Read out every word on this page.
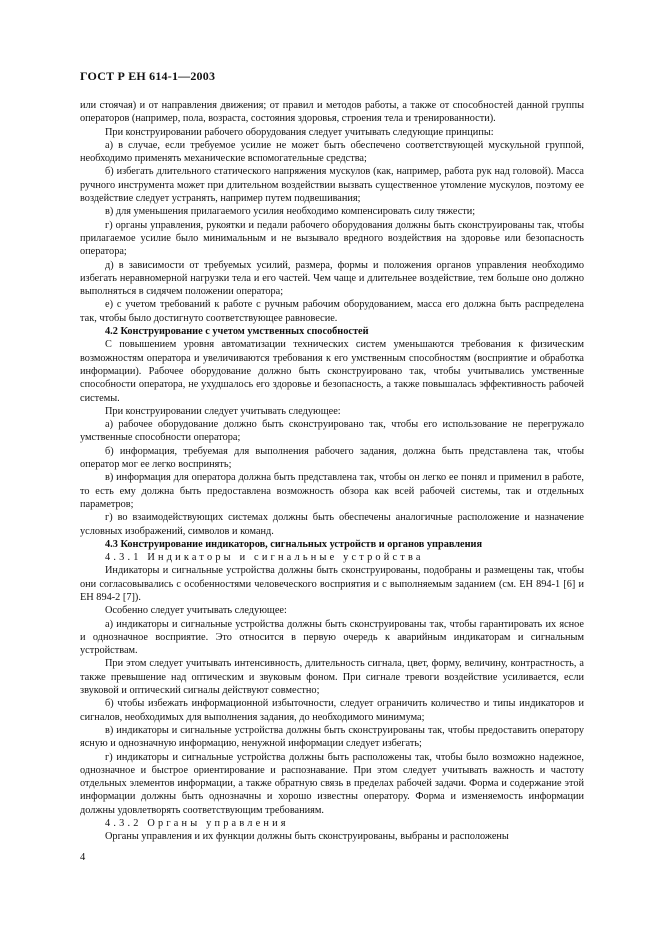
ГОСТ Р ЕН 614-1—2003

или стоячая) и от направления движения; от правил и методов работы, а также от способностей данной группы операторов (например, пола, возраста, состояния здоровья, строения тела и тренированности).

При конструировании рабочего оборудования следует учитывать следующие принципы:

а) в случае, если требуемое усилие не может быть обеспечено соответствующей мускульной группой, необходимо применять механические вспомогательные средства;

б) избегать длительного статического напряжения мускулов (как, например, работа рук над головой). Масса ручного инструмента может при длительном воздействии вызвать существенное утомление мускулов, поэтому ее воздействие следует устранять, например путем подвешивания;

в) для уменьшения прилагаемого усилия необходимо компенсировать силу тяжести;

г) органы управления, рукоятки и педали рабочего оборудования должны быть сконструированы так, чтобы прилагаемое усилие было минимальным и не вызывало вредного воздействия на здоровье или безопасность оператора;

д) в зависимости от требуемых усилий, размера, формы и положения органов управления необходимо избегать неравномерной нагрузки тела и его частей. Чем чаще и длительнее воздействие, тем больше оно должно выполняться в сидячем положении оператора;

е) с учетом требований к работе с ручным рабочим оборудованием, масса его должна быть распределена так, чтобы было достигнуто соответствующее равновесие.

4.2 Конструирование с учетом умственных способностей

С повышением уровня автоматизации технических систем уменьшаются требования к физическим возможностям оператора и увеличиваются требования к его умственным способностям (восприятие и обработка информации). Рабочее оборудование должно быть сконструировано так, чтобы учитывались умственные способности оператора, не ухудшалось его здоровье и безопасность, а также повышалась эффективность рабочей системы.

При конструировании следует учитывать следующее:

а) рабочее оборудование должно быть сконструировано так, чтобы его использование не перегружало умственные способности оператора;

б) информация, требуемая для выполнения рабочего задания, должна быть представлена так, чтобы оператор мог ее легко воспринять;

в) информация для оператора должна быть представлена так, чтобы он легко ее понял и применил в работе, то есть ему должна быть предоставлена возможность обзора как всей рабочей системы, так и отдельных параметров;

г) во взаимодействующих системах должны быть обеспечены аналогичные расположение и назначение условных изображений, символов и команд.

4.3 Конструирование индикаторов, сигнальных устройств и органов управления

4.3.1 Индикаторы и сигнальные устройства

Индикаторы и сигнальные устройства должны быть сконструированы, подобраны и размещены так, чтобы они согласовывались с особенностями человеческого восприятия и с выполняемым заданием (см. ЕН 894-1 [6] и ЕН 894-2 [7]).

Особенно следует учитывать следующее:

а) индикаторы и сигнальные устройства должны быть сконструированы так, чтобы гарантировать их ясное и однозначное восприятие. Это относится в первую очередь к аварийным индикаторам и сигнальным устройствам.

При этом следует учитывать интенсивность, длительность сигнала, цвет, форму, величину, контрастность, а также превышение над оптическим и звуковым фоном. При сигнале тревоги воздействие усиливается, если звуковой и оптический сигналы действуют совместно;

б) чтобы избежать информационной избыточности, следует ограничить количество и типы индикаторов и сигналов, необходимых для выполнения задания, до необходимого минимума;

в) индикаторы и сигнальные устройства должны быть сконструированы так, чтобы предоставить оператору ясную и однозначную информацию, ненужной информации следует избегать;

г) индикаторы и сигнальные устройства должны быть расположены так, чтобы было возможно надежное, однозначное и быстрое ориентирование и распознавание. При этом следует учитывать важность и частоту отдельных элементов информации, а также обратную связь в пределах рабочей задачи. Форма и содержание этой информации должны быть однозначны и хорошо известны оператору. Форма и изменяемость информации должны удовлетворять соответствующим требованиям.

4.3.2 Органы управления

Органы управления и их функции должны быть сконструированы, выбраны и расположены

4
